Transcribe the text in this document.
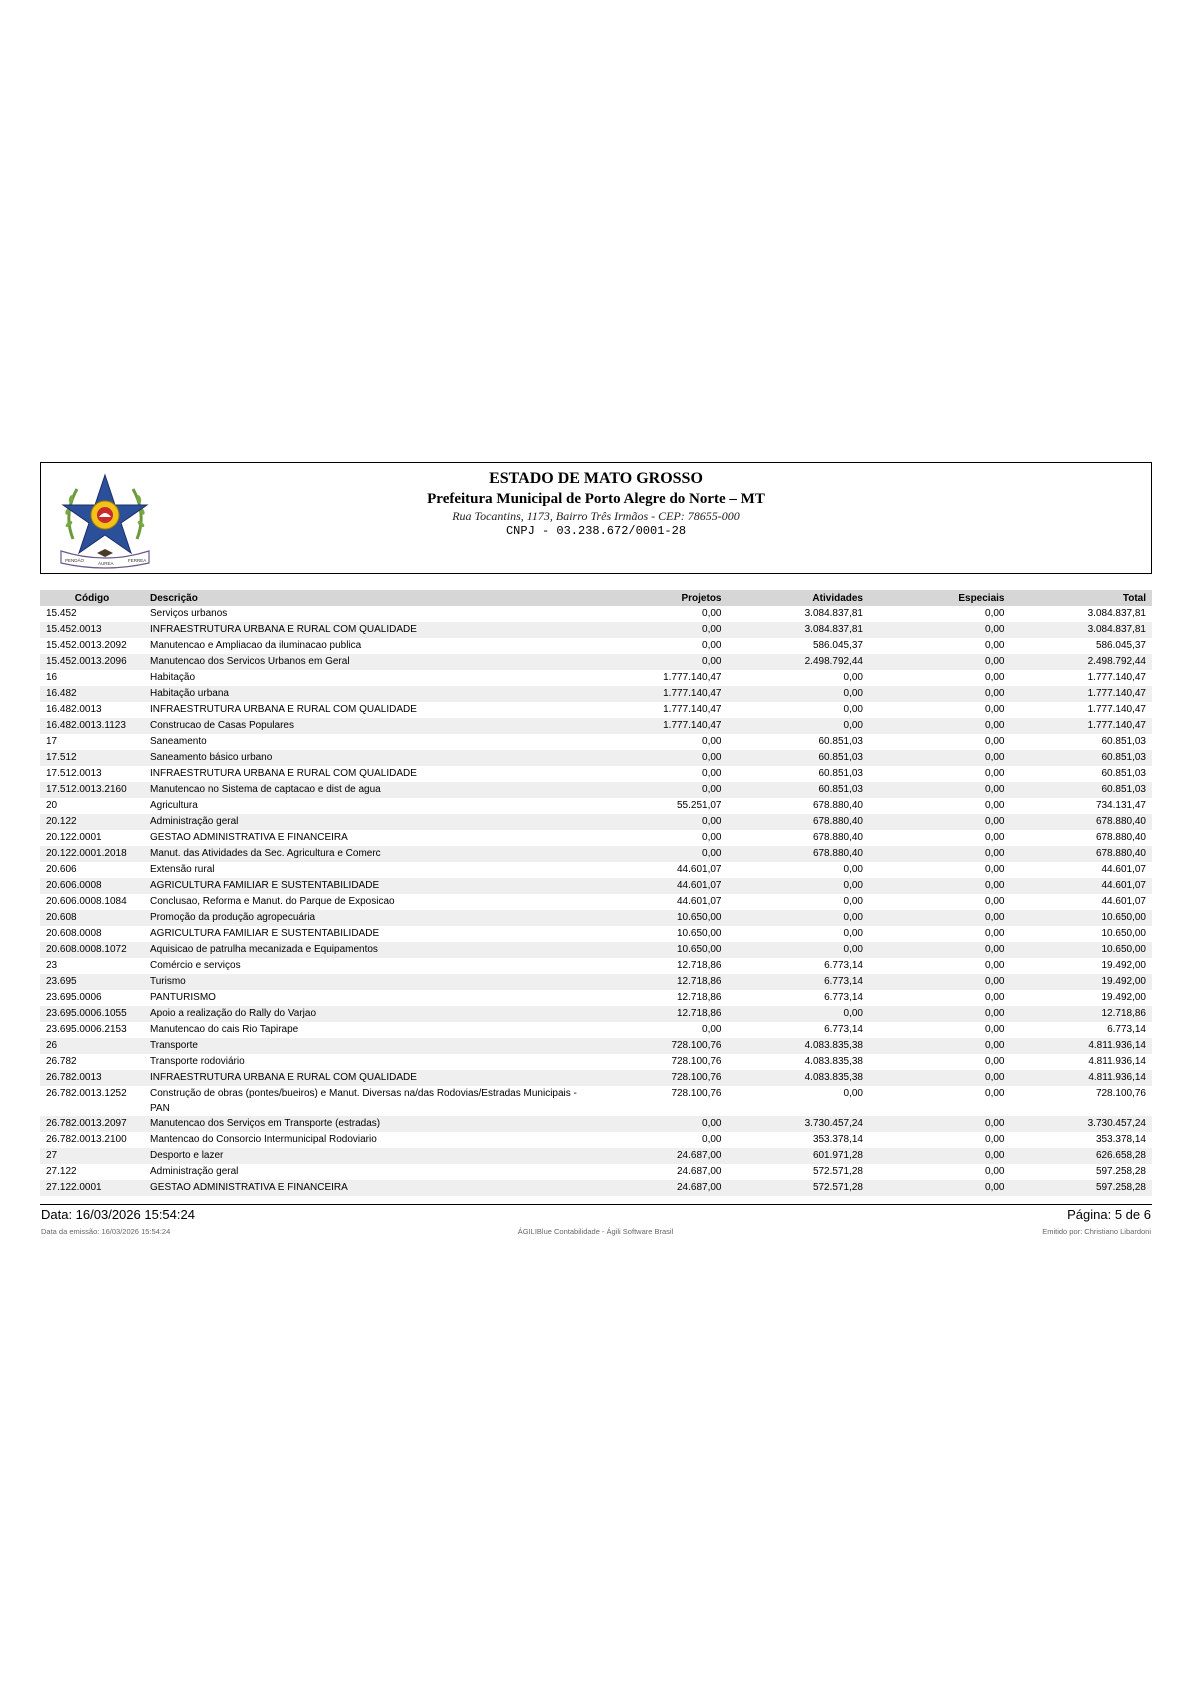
PENDÃO
ÁUREA
FERREA
ESTADO DE MATO GROSSO
Prefeitura Municipal de Porto Alegre do Norte – MT
Rua Tocantins, 1173, Bairro Três Irmãos - CEP: 78655-000
CNPJ - 03.238.672/0001-28
Código	Descrição	Projetos	Atividades	Especiais	Total
15.452	Serviços urbanos	0,00	3.084.837,81	0,00	3.084.837,81
15.452.0013	INFRAESTRUTURA URBANA E RURAL COM QUALIDADE	0,00	3.084.837,81	0,00	3.084.837,81
15.452.0013.2092	Manutencao e Ampliacao da iluminacao publica	0,00	586.045,37	0,00	586.045,37
15.452.0013.2096	Manutencao dos Servicos Urbanos em Geral	0,00	2.498.792,44	0,00	2.498.792,44
16	Habitação	1.777.140,47	0,00	0,00	1.777.140,47
16.482	Habitação urbana	1.777.140,47	0,00	0,00	1.777.140,47
16.482.0013	INFRAESTRUTURA URBANA E RURAL COM QUALIDADE	1.777.140,47	0,00	0,00	1.777.140,47
16.482.0013.1123	Construcao de Casas Populares	1.777.140,47	0,00	0,00	1.777.140,47
17	Saneamento	0,00	60.851,03	0,00	60.851,03
17.512	Saneamento básico urbano	0,00	60.851,03	0,00	60.851,03
17.512.0013	INFRAESTRUTURA URBANA E RURAL COM QUALIDADE	0,00	60.851,03	0,00	60.851,03
17.512.0013.2160	Manutencao no Sistema de captacao e dist de agua	0,00	60.851,03	0,00	60.851,03
20	Agricultura	55.251,07	678.880,40	0,00	734.131,47
20.122	Administração geral	0,00	678.880,40	0,00	678.880,40
20.122.0001	GESTAO ADMINISTRATIVA E FINANCEIRA	0,00	678.880,40	0,00	678.880,40
20.122.0001.2018	Manut. das Atividades da Sec. Agricultura e Comerc	0,00	678.880,40	0,00	678.880,40
20.606	Extensão rural	44.601,07	0,00	0,00	44.601,07
20.606.0008	AGRICULTURA FAMILIAR E SUSTENTABILIDADE	44.601,07	0,00	0,00	44.601,07
20.606.0008.1084	Conclusao, Reforma e Manut. do Parque de Exposicao	44.601,07	0,00	0,00	44.601,07
20.608	Promoção da produção agropecuária	10.650,00	0,00	0,00	10.650,00
20.608.0008	AGRICULTURA FAMILIAR E SUSTENTABILIDADE	10.650,00	0,00	0,00	10.650,00
20.608.0008.1072	Aquisicao de patrulha mecanizada e Equipamentos	10.650,00	0,00	0,00	10.650,00
23	Comércio e serviços	12.718,86	6.773,14	0,00	19.492,00
23.695	Turismo	12.718,86	6.773,14	0,00	19.492,00
23.695.0006	PANTURISMO	12.718,86	6.773,14	0,00	19.492,00
23.695.0006.1055	Apoio a realização do Rally do Varjao	12.718,86	0,00	0,00	12.718,86
23.695.0006.2153	Manutencao do cais Rio Tapirape	0,00	6.773,14	0,00	6.773,14
26	Transporte	728.100,76	4.083.835,38	0,00	4.811.936,14
26.782	Transporte rodoviário	728.100,76	4.083.835,38	0,00	4.811.936,14
26.782.0013	INFRAESTRUTURA URBANA E RURAL COM QUALIDADE	728.100,76	4.083.835,38	0,00	4.811.936,14
26.782.0013.1252	Construção de obras (pontes/bueiros) e Manut. Diversas na/das Rodovias/Estradas Municipais - PAN	728.100,76	0,00	0,00	728.100,76
26.782.0013.2097	Manutencao dos Serviços em Transporte (estradas)	0,00	3.730.457,24	0,00	3.730.457,24
26.782.0013.2100	Mantencao do Consorcio Intermunicipal Rodoviario	0,00	353.378,14	0,00	353.378,14
27	Desporto e lazer	24.687,00	601.971,28	0,00	626.658,28
27.122	Administração geral	24.687,00	572.571,28	0,00	597.258,28
27.122.0001	GESTAO ADMINISTRATIVA E FINANCEIRA	24.687,00	572.571,28	0,00	597.258,28
Data: 16/03/2026 15:54:24	Página: 5 de 6
Data da emissão: 16/03/2026 15:54:24	ÁGILIBlue Contabilidade - Ágili Software Brasil	Emitido por: Christiano Libardoni
